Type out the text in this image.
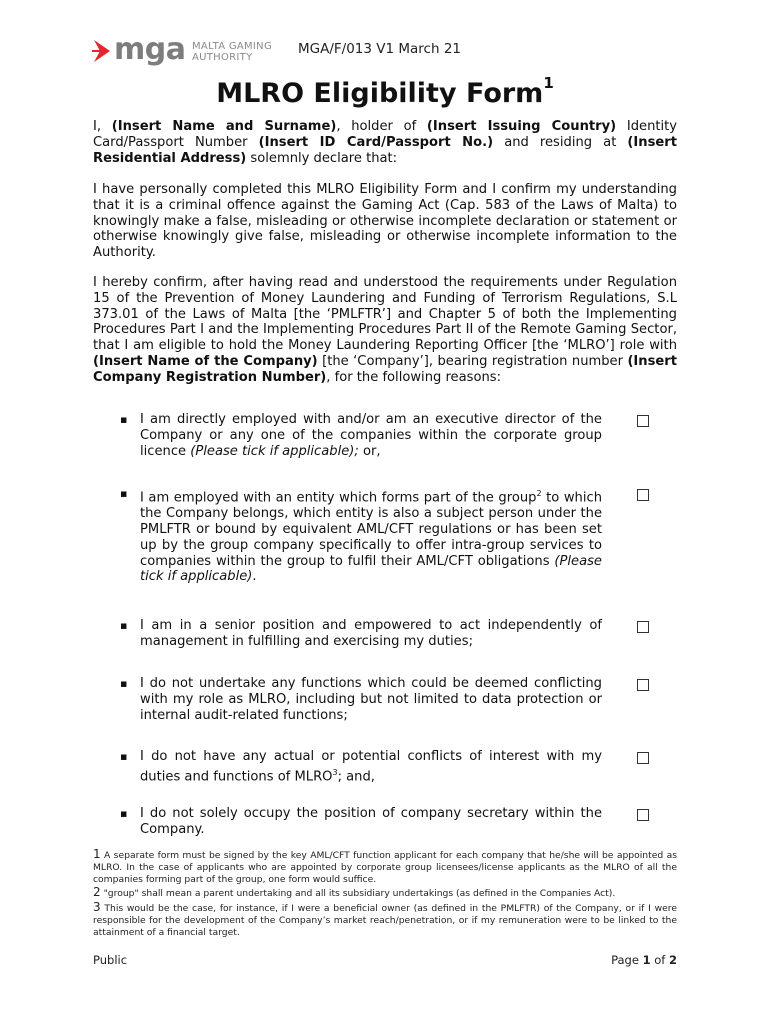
mga MALTA GAMING
AUTHORITY
MGA/F/013 V1 March 21
MLRO Eligibility Form$^1$
I, (Insert Name and Surname), holder of (Insert Issuing Country) Identity Card/Passport Number (Insert ID Card/Passport No.) and residing at (Insert Residential Address) solemnly declare that:
I have personally completed this MLRO Eligibility Form and I confirm my understanding that it is a criminal offence against the Gaming Act (Cap. 583 of the Laws of Malta) to knowingly make a false, misleading or otherwise incomplete declaration or statement or otherwise knowingly give false, misleading or otherwise incomplete information to the Authority.
I hereby confirm, after having read and understood the requirements under Regulation 15 of the Prevention of Money Laundering and Funding of Terrorism Regulations, S.L 373.01 of the Laws of Malta [the ‘PMLFTR’] and Chapter 5 of both the Implementing Procedures Part I and the Implementing Procedures Part II of the Remote Gaming Sector, that I am eligible to hold the Money Laundering Reporting Officer [the ‘MLRO’] role with (Insert Name of the Company) [the ‘Company’], bearing registration number (Insert Company Registration Number), for the following reasons:
▪ I am directly employed with and/or am an executive director of the Company or any one of the companies within the corporate group licence (Please tick if applicable); or,
▪ I am employed with an entity which forms part of the group$^2$ to which the Company belongs, which entity is also a subject person under the PMLFTR or bound by equivalent AML/CFT regulations or has been set up by the group company specifically to offer intra-group services to companies within the group to fulfil their AML/CFT obligations (Please tick if applicable).
▪ I am in a senior position and empowered to act independently of management in fulfilling and exercising my duties;
▪ I do not undertake any functions which could be deemed conflicting with my role as MLRO, including but not limited to data protection or internal audit-related functions;
▪ I do not have any actual or potential conflicts of interest with my duties and functions of MLRO$^3$; and,
▪ I do not solely occupy the position of company secretary within the Company.
1 A separate form must be signed by the key AML/CFT function applicant for each company that he/she will be appointed as MLRO. In the case of applicants who are appointed by corporate group licensees/license applicants as the MLRO of all the companies forming part of the group, one form would suffice.
2 "group" shall mean a parent undertaking and all its subsidiary undertakings (as defined in the Companies Act).
3 This would be the case, for instance, if I were a beneficial owner (as defined in the PMLFTR) of the Company, or if I were responsible for the development of the Company’s market reach/penetration, or if my remuneration were to be linked to the attainment of a financial target.
Public	Page 1 of 2
